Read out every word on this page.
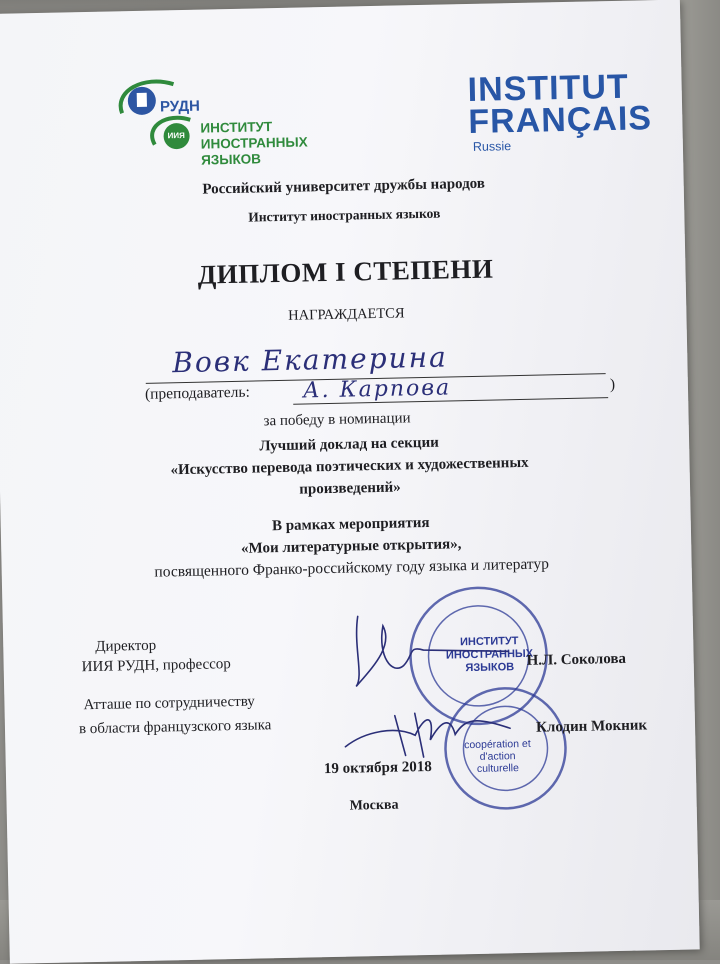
РУДН
ИИЯ
ИНСТИТУТ ИНОСТРАННЫХ ЯЗЫКОВ
INSTITUT FRANÇAIS
Russie
Российский университет дружбы народов
Институт иностранных языков
ДИПЛОМ I СТЕПЕНИ
НАГРАЖДАЕТСЯ
Вовк Екатерина
(преподаватель: А. Карпова	)
за победу в номинации
Лучший доклад на секции
«Искусство перевода поэтических и художественных
произведений»
В рамках мероприятия
«Мои литературные открытия»,
посвященного Франко-российскому году языка и литератур
ИНСТИТУТ ИНОСТРАННЫХ ЯЗЫКОВ
coopération et d'action culturelle
Директор
ИИЯ РУДН, профессор	Н.Л. Соколова
Атташе по сотрудничеству
в области французского языка	Клодин Мокник
19 октября 2018
Москва
